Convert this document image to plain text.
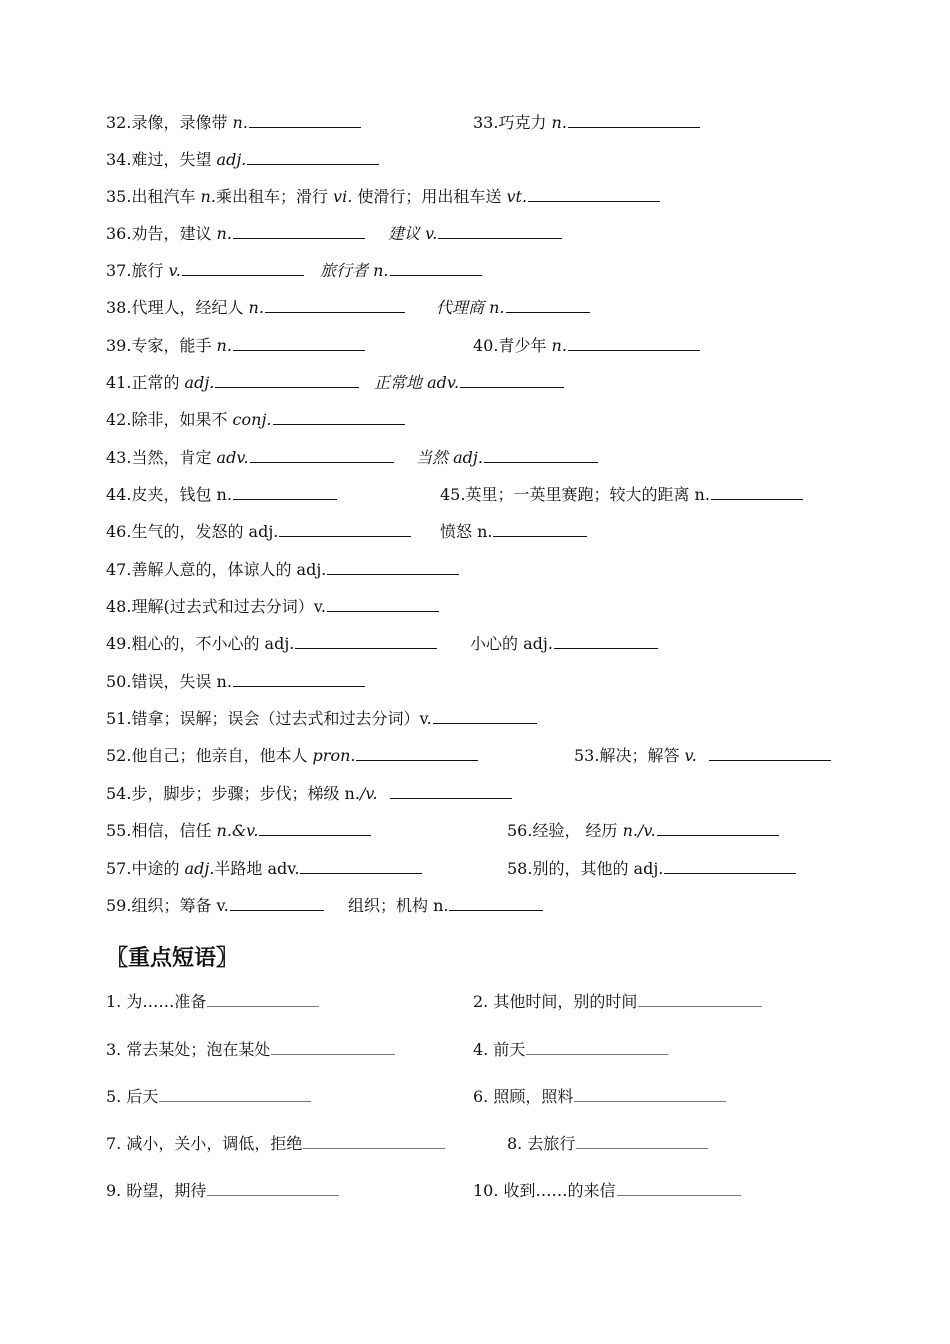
32.录像，录像带 n.	33.巧克力 n.
34.难过，失望 adj.
35.出租汽车 n.乘出租车；滑行 vi. 使滑行；用出租车送 vt.
36.劝告，建议 n.	建议 v.
37.旅行 v.	旅行者 n.
38.代理人，经纪人 n.	代理商 n.
39.专家，能手 n.	40.青少年 n.
41.正常的 adj.	正常地 adv.
42.除非，如果不 conj.
43.当然，肯定 adv.	当然 adj.
44.皮夹，钱包 n.	45.英里；一英里赛跑；较大的距离 n.
46.生气的，发怒的 adj.	愤怒 n.
47.善解人意的，体谅人的 adj.
48.理解(过去式和过去分词）v.
49.粗心的，不小心的 adj.	小心的 adj.
50.错误，失误 n.
51.错拿；误解；误会（过去式和过去分词）v.
52.他自己；他亲自，他本人 pron.	53.解决；解答 v.
54.步，脚步；步骤；步伐；梯级 n./v.
55.相信，信任 n.&v.	56.经验， 经历 n./v.
57.中途的 adj.半路地 adv.	58.别的，其他的 adj.
59.组织；筹备 v.	组织；机构 n.
〖重点短语〗
1. 为……准备	2. 其他时间，别的时间
3. 常去某处；泡在某处	4. 前天
5. 后天	6. 照顾，照料
7. 减小，关小，调低，拒绝	8. 去旅行
9. 盼望，期待	10. 收到……的来信
